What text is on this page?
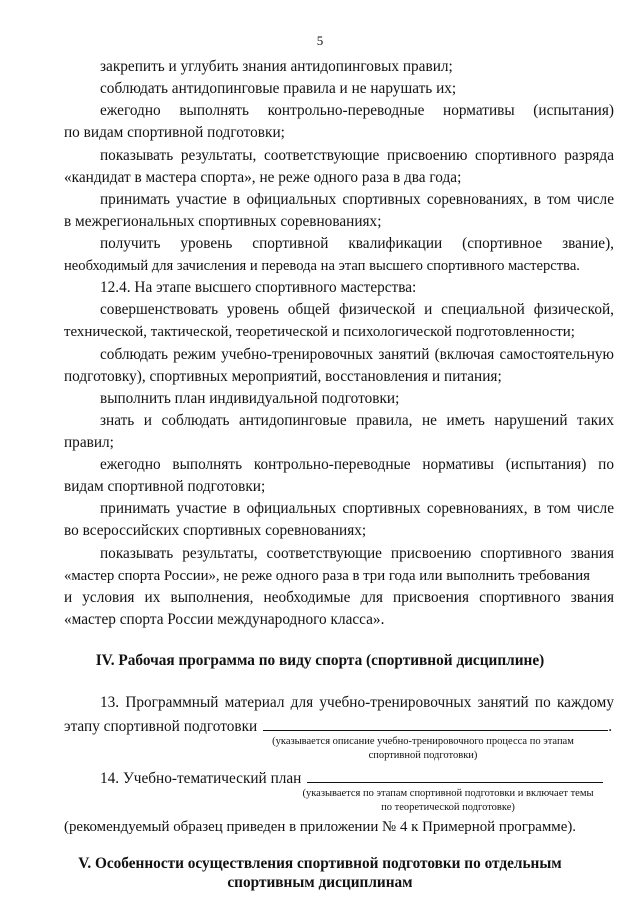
5
закрепить и углубить знания антидопинговых правил;
соблюдать антидопинговые правила и не нарушать их;
ежегодно выполнять контрольно-переводные нормативы (испытания)
по видам спортивной подготовки;
показывать результаты, соответствующие присвоению спортивного разряда
«кандидат в мастера спорта», не реже одного раза в два года;
принимать участие в официальных спортивных соревнованиях, в том числе
в межрегиональных спортивных соревнованиях;
получить уровень спортивной квалификации (спортивное звание),
необходимый для зачисления и перевода на этап высшего спортивного мастерства.
12.4. На этапе высшего спортивного мастерства:
совершенствовать уровень общей физической и специальной физической,
технической, тактической, теоретической и психологической подготовленности;
соблюдать режим учебно-тренировочных занятий (включая самостоятельную
подготовку), спортивных мероприятий, восстановления и питания;
выполнить план индивидуальной подготовки;
знать и соблюдать антидопинговые правила, не иметь нарушений таких
правил;
ежегодно выполнять контрольно-переводные нормативы (испытания) по
видам спортивной подготовки;
принимать участие в официальных спортивных соревнованиях, в том числе
во всероссийских спортивных соревнованиях;
показывать результаты, соответствующие присвоению спортивного звания
«мастер спорта России», не реже одного раза в три года или выполнить требования
и условия их выполнения, необходимые для присвоения спортивного звания
«мастер спорта России международного класса».
IV. Рабочая программа по виду спорта (спортивной дисциплине)
13. Программный материал для учебно-тренировочных занятий по каждому
этапу спортивной подготовки	.
(указывается описание учебно-тренировочного процесса по этапам
спортивной подготовки)
14. Учебно-тематический план
(указывается по этапам спортивной подготовки и включает темы
по теоретической подготовке)
(рекомендуемый образец приведен в приложении № 4 к Примерной программе).
V. Особенности осуществления спортивной подготовки по отдельным
спортивным дисциплинам
